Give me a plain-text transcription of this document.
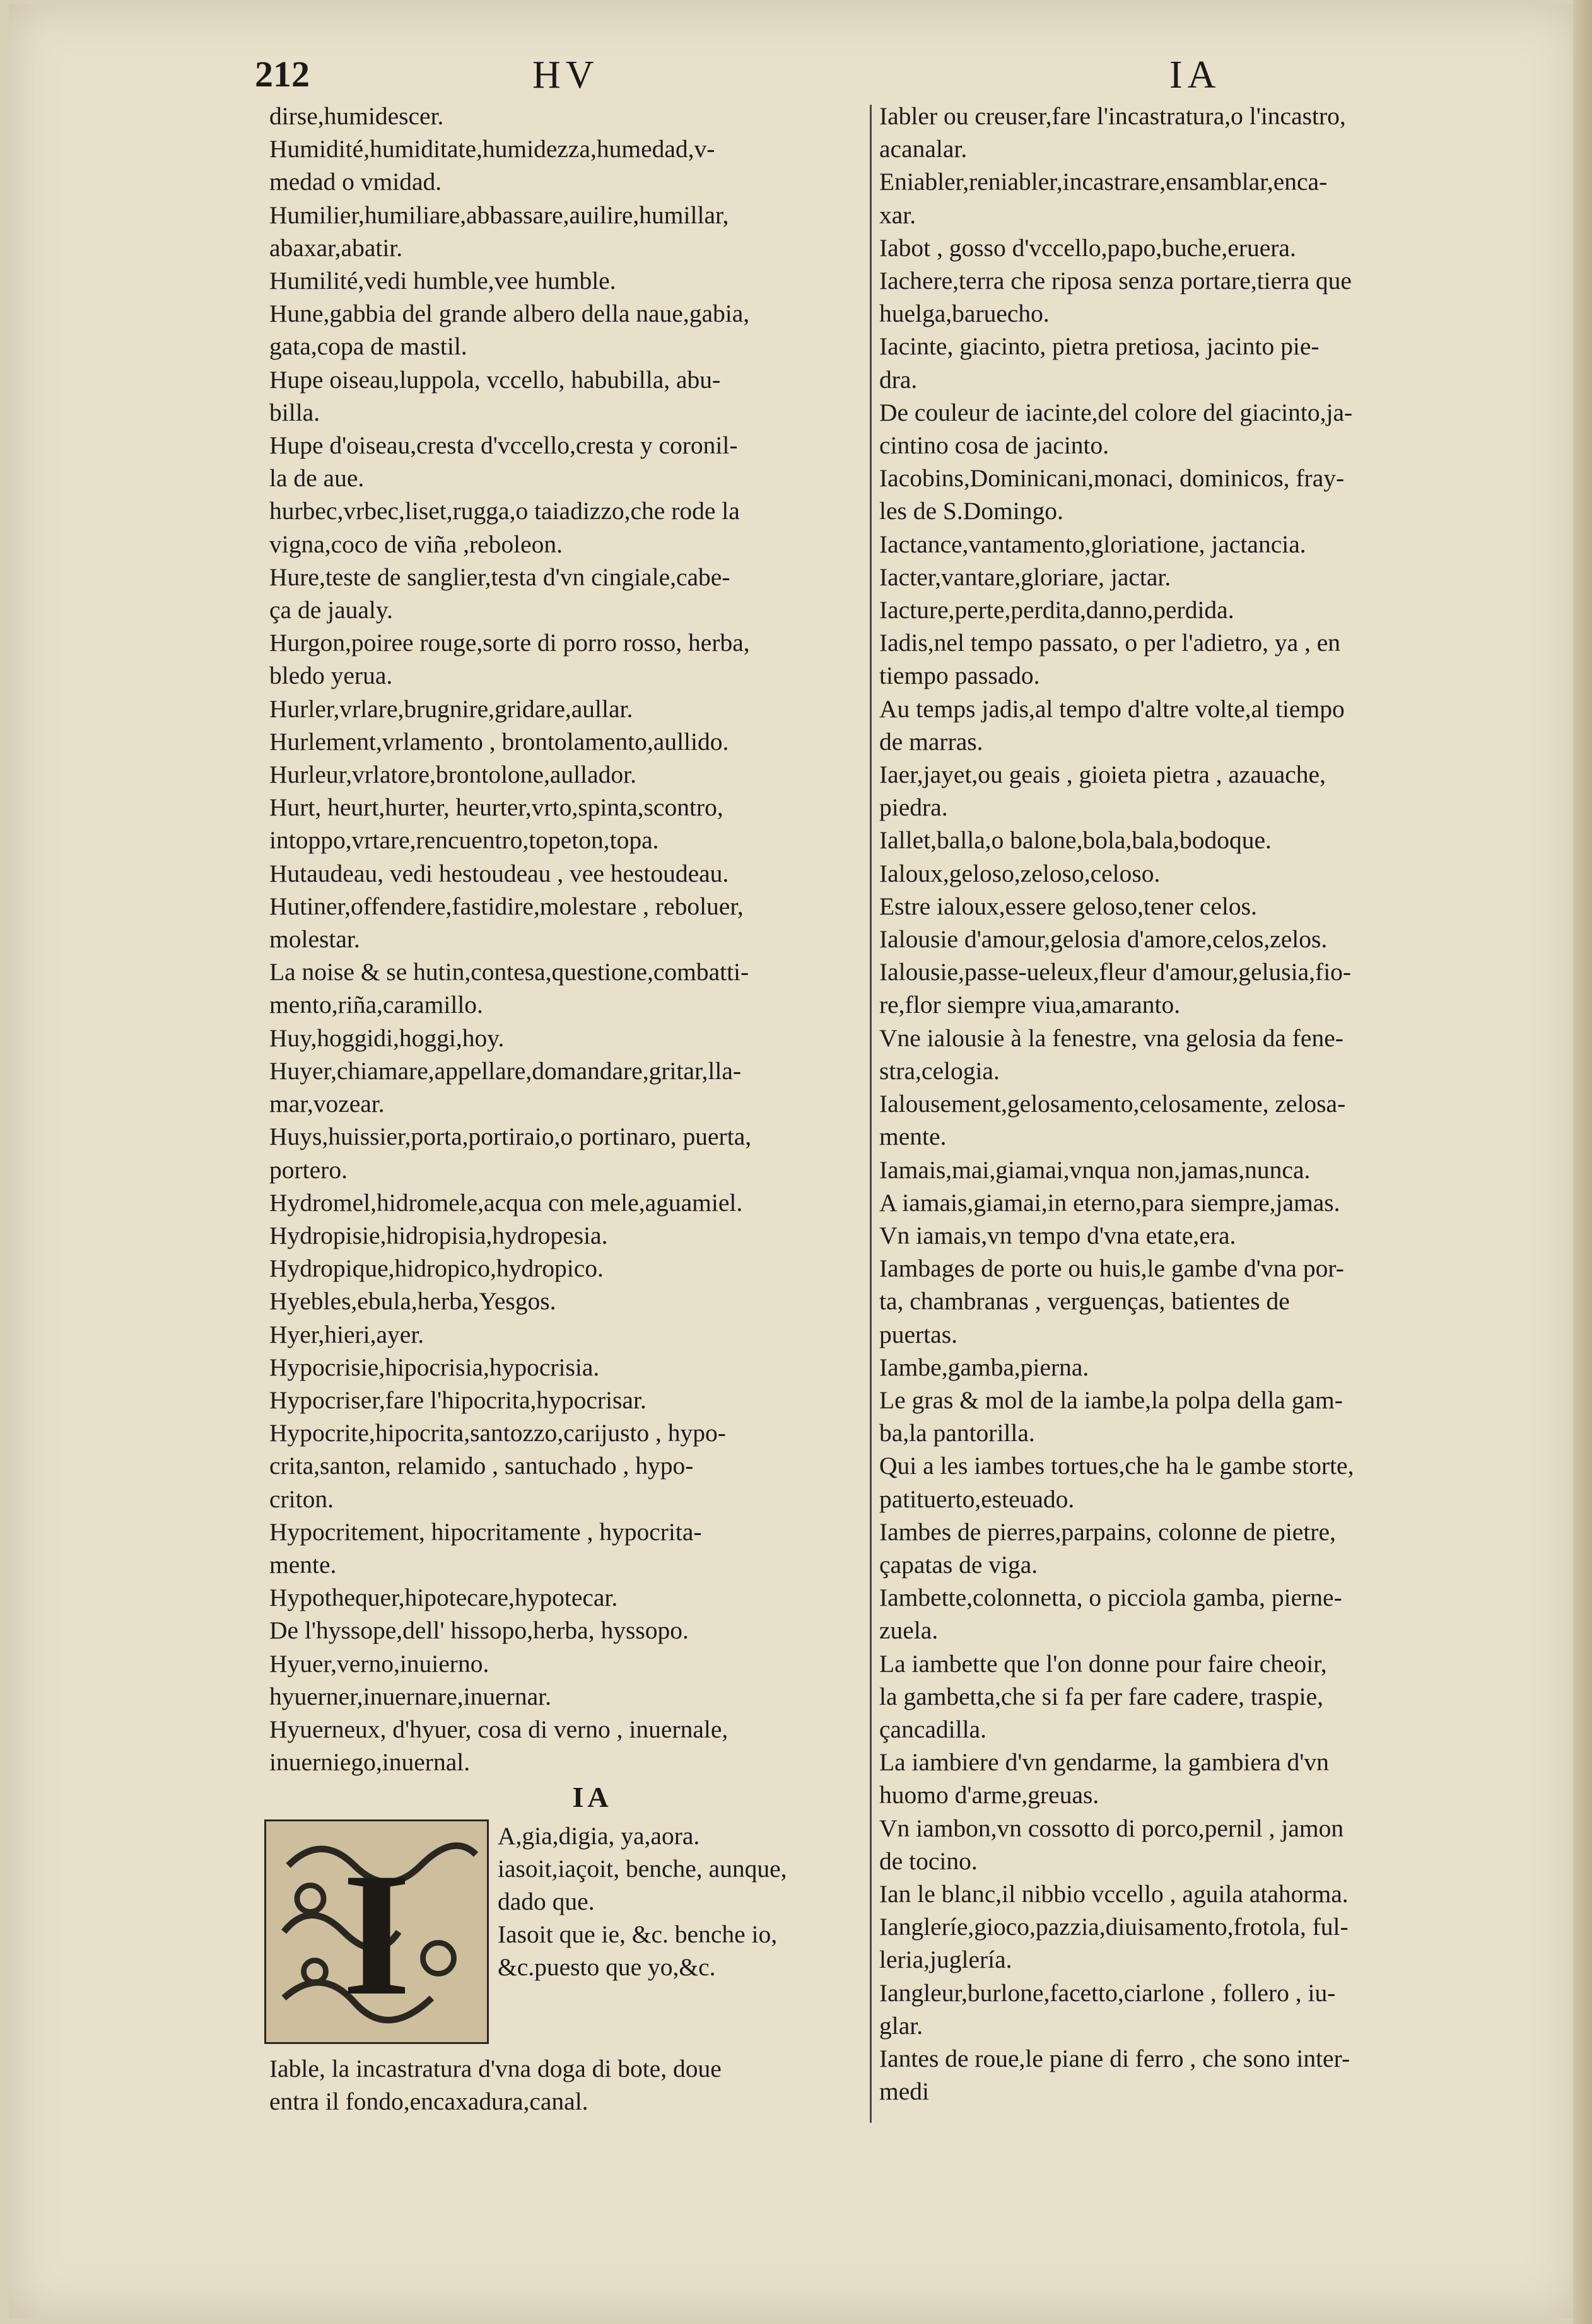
212	HV	IA
dirse,humidescer.
Humidité,humiditate,humidezza,humedad,v-
medad o vmidad.
Humilier,humiliare,abbassare,auilire,humillar,
abaxar,abatir.
Humilité,vedi humble,vee humble.
Hune,gabbia del grande albero della naue,gabia,
gata,copa de mastil.
Hupe oiseau,luppola, vccello, habubilla, abu-
billa.
Hupe d'oiseau,cresta d'vccello,cresta y coronil-
la de aue.
hurbec,vrbec,liset,rugga,o taiadizzo,che rode la
vigna,coco de viña ,reboleon.
Hure,teste de sanglier,testa d'vn cingiale,cabe-
ça de jaualy.
Hurgon,poiree rouge,sorte di porro rosso, herba,
bledo yerua.
Hurler,vrlare,brugnire,gridare,aullar.
Hurlement,vrlamento , brontolamento,aullido.
Hurleur,vrlatore,brontolone,aullador.
Hurt, heurt,hurter, heurter,vrto,spinta,scontro,
intoppo,vrtare,rencuentro,topeton,topa.
Hutaudeau, vedi hestoudeau , vee hestoudeau.
Hutiner,offendere,fastidire,molestare , reboluer,
molestar.
La noise & se hutin,contesa,questione,combatti-
mento,riña,caramillo.
Huy,hoggidi,hoggi,hoy.
Huyer,chiamare,appellare,domandare,gritar,lla-
mar,vozear.
Huys,huissier,porta,portiraio,o portinaro, puerta,
portero.
Hydromel,hidromele,acqua con mele,aguamiel.
Hydropisie,hidropisia,hydropesia.
Hydropique,hidropico,hydropico.
Hyebles,ebula,herba,Yesgos.
Hyer,hieri,ayer.
Hypocrisie,hipocrisia,hypocrisia.
Hypocriser,fare l'hipocrita,hypocrisar.
Hypocrite,hipocrita,santozzo,carijusto , hypo-
crita,santon, relamido , santuchado , hypo-
criton.
Hypocritement, hipocritamente , hypocrita-
mente.
Hypothequer,hipotecare,hypotecar.
De l'hyssope,dell' hissopo,herba, hyssopo.
Hyuer,verno,inuierno.
hyuerner,inuernare,inuernar.
Hyuerneux, d'hyuer, cosa di verno , inuernale,
inuerniego,inuernal.
IA
I	A,gia,digia, ya,aora.
iasoit,iaçoit, benche, aunque,
dado que.
Iasoit que ie, &c. benche io,
&c.puesto que yo,&c.
Iable, la incastratura d'vna doga di bote, doue
entra il fondo,encaxadura,canal.
Iabler ou creuser,fare l'incastratura,o l'incastro,
acanalar.
Eniabler,reniabler,incastrare,ensamblar,enca-
xar.
Iabot , gosso d'vccello,papo,buche,eruera.
Iachere,terra che riposa senza portare,tierra que
huelga,baruecho.
Iacinte, giacinto, pietra pretiosa, jacinto pie-
dra.
De couleur de iacinte,del colore del giacinto,ja-
cintino cosa de jacinto.
Iacobins,Dominicani,monaci, dominicos, fray-
les de S.Domingo.
Iactance,vantamento,gloriatione, jactancia.
Iacter,vantare,gloriare, jactar.
Iacture,perte,perdita,danno,perdida.
Iadis,nel tempo passato, o per l'adietro, ya , en
tiempo passado.
Au temps jadis,al tempo d'altre volte,al tiempo
de marras.
Iaer,jayet,ou geais , gioieta pietra , azauache,
piedra.
Iallet,balla,o balone,bola,bala,bodoque.
Ialoux,geloso,zeloso,celoso.
Estre ialoux,essere geloso,tener celos.
Ialousie d'amour,gelosia d'amore,celos,zelos.
Ialousie,passe-ueleux,fleur d'amour,gelusia,fio-
re,flor siempre viua,amaranto.
Vne ialousie à la fenestre, vna gelosia da fene-
stra,celogia.
Ialousement,gelosamento,celosamente, zelosa-
mente.
Iamais,mai,giamai,vnqua non,jamas,nunca.
A iamais,giamai,in eterno,para siempre,jamas.
Vn iamais,vn tempo d'vna etate,era.
Iambages de porte ou huis,le gambe d'vna por-
ta, chambranas , verguenças, batientes de
puertas.
Iambe,gamba,pierna.
Le gras & mol de la iambe,la polpa della gam-
ba,la pantorilla.
Qui a les iambes tortues,che ha le gambe storte,
patituerto,esteuado.
Iambes de pierres,parpains, colonne de pietre,
çapatas de viga.
Iambette,colonnetta, o picciola gamba, pierne-
zuela.
La iambette que l'on donne pour faire cheoir,
la gambetta,che si fa per fare cadere, traspie,
çancadilla.
La iambiere d'vn gendarme, la gambiera d'vn
huomo d'arme,greuas.
Vn iambon,vn cossotto di porco,pernil , jamon
de tocino.
Ian le blanc,il nibbio vccello , aguila atahorma.
Iangleríe,gioco,pazzia,diuisamento,frotola, ful-
leria,juglería.
Iangleur,burlone,facetto,ciarlone , follero , iu-
glar.
Iantes de roue,le piane di ferro , che sono inter-
medi
